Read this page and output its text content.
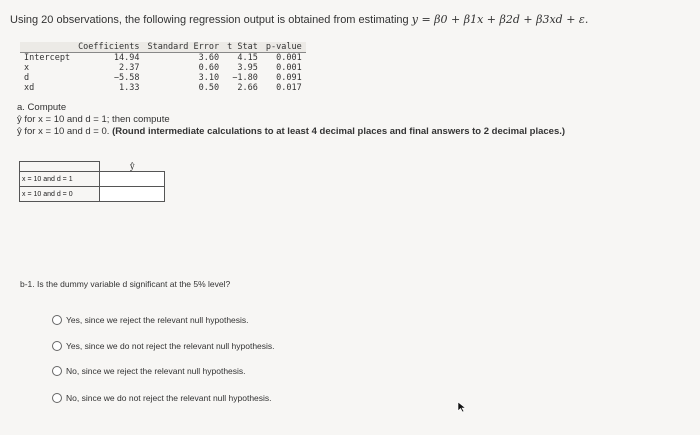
Using 20 observations, the following regression output is obtained from estimating y = β0 + β1x + β2d + β3xd + ε.
	Coefficients	Standard Error	t Stat	p-value
Intercept	14.94	3.60	4.15	0.001
x	2.37	0.60	3.95	0.001
d	−5.58	3.10	−1.80	0.091
xd	1.33	0.50	2.66	0.017
a. Compute
ŷ for x = 10 and d = 1; then compute
ŷ for x = 10 and d = 0. (Round intermediate calculations to at least 4 decimal places and final answers to 2 decimal places.)
	ŷ
x = 10 and d = 1	
x = 10 and d = 0	
b-1. Is the dummy variable d significant at the 5% level?
Yes, since we reject the relevant null hypothesis.
Yes, since we do not reject the relevant null hypothesis.
No, since we reject the relevant null hypothesis.
No, since we do not reject the relevant null hypothesis.
